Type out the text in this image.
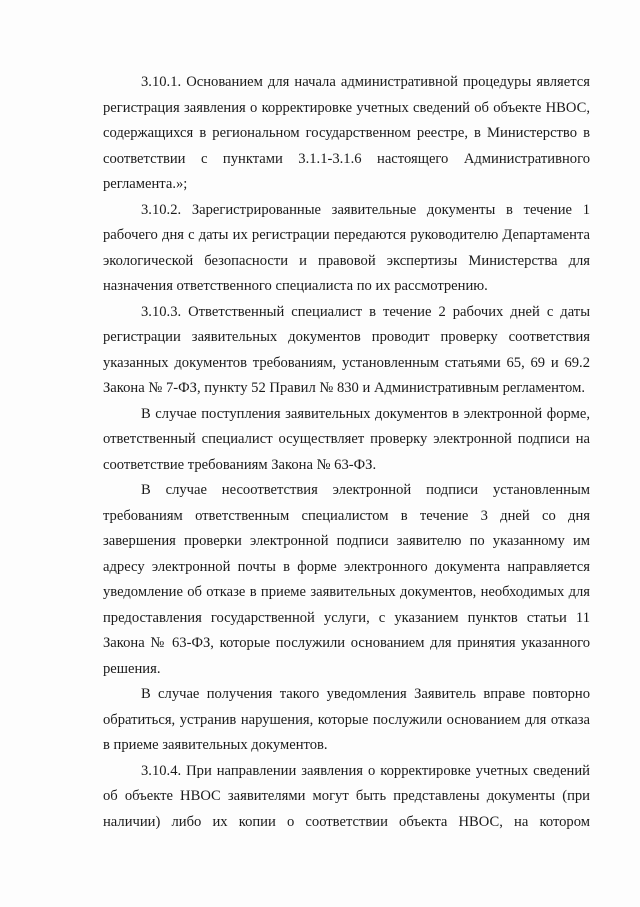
3.10.1. Основанием для начала административной процедуры является регистрация заявления о корректировке учетных сведений об объекте НВОС, содержащихся в региональном государственном реестре, в Министерство в соответствии с пунктами 3.1.1-3.1.6 настоящего Административного регламента.»;

3.10.2. Зарегистрированные заявительные документы в течение 1 рабочего дня с даты их регистрации передаются руководителю Департамента экологической безопасности и правовой экспертизы Министерства для назначения ответственного специалиста по их рассмотрению.

3.10.3. Ответственный специалист в течение 2 рабочих дней с даты регистрации заявительных документов проводит проверку соответствия указанных документов требованиям, установленным статьями 65, 69 и 69.2 Закона № 7-ФЗ, пункту 52 Правил № 830 и Административным регламентом.

В случае поступления заявительных документов в электронной форме, ответственный специалист осуществляет проверку электронной подписи на соответствие требованиям Закона № 63-ФЗ.

В случае несоответствия электронной подписи установленным требованиям ответственным специалистом в течение 3 дней со дня завершения проверки электронной подписи заявителю по указанному им адресу электронной почты в форме электронного документа направляется уведомление об отказе в приеме заявительных документов, необходимых для предоставления государственной услуги, с указанием пунктов статьи 11 Закона № 63-ФЗ, которые послужили основанием для принятия указанного решения.

В случае получения такого уведомления Заявитель вправе повторно обратиться, устранив нарушения, которые послужили основанием для отказа в приеме заявительных документов.

3.10.4. При направлении заявления о корректировке учетных сведений об объекте НВОС заявителями могут быть представлены документы (при наличии) либо их копии о соответствии объекта НВОС, на котором
